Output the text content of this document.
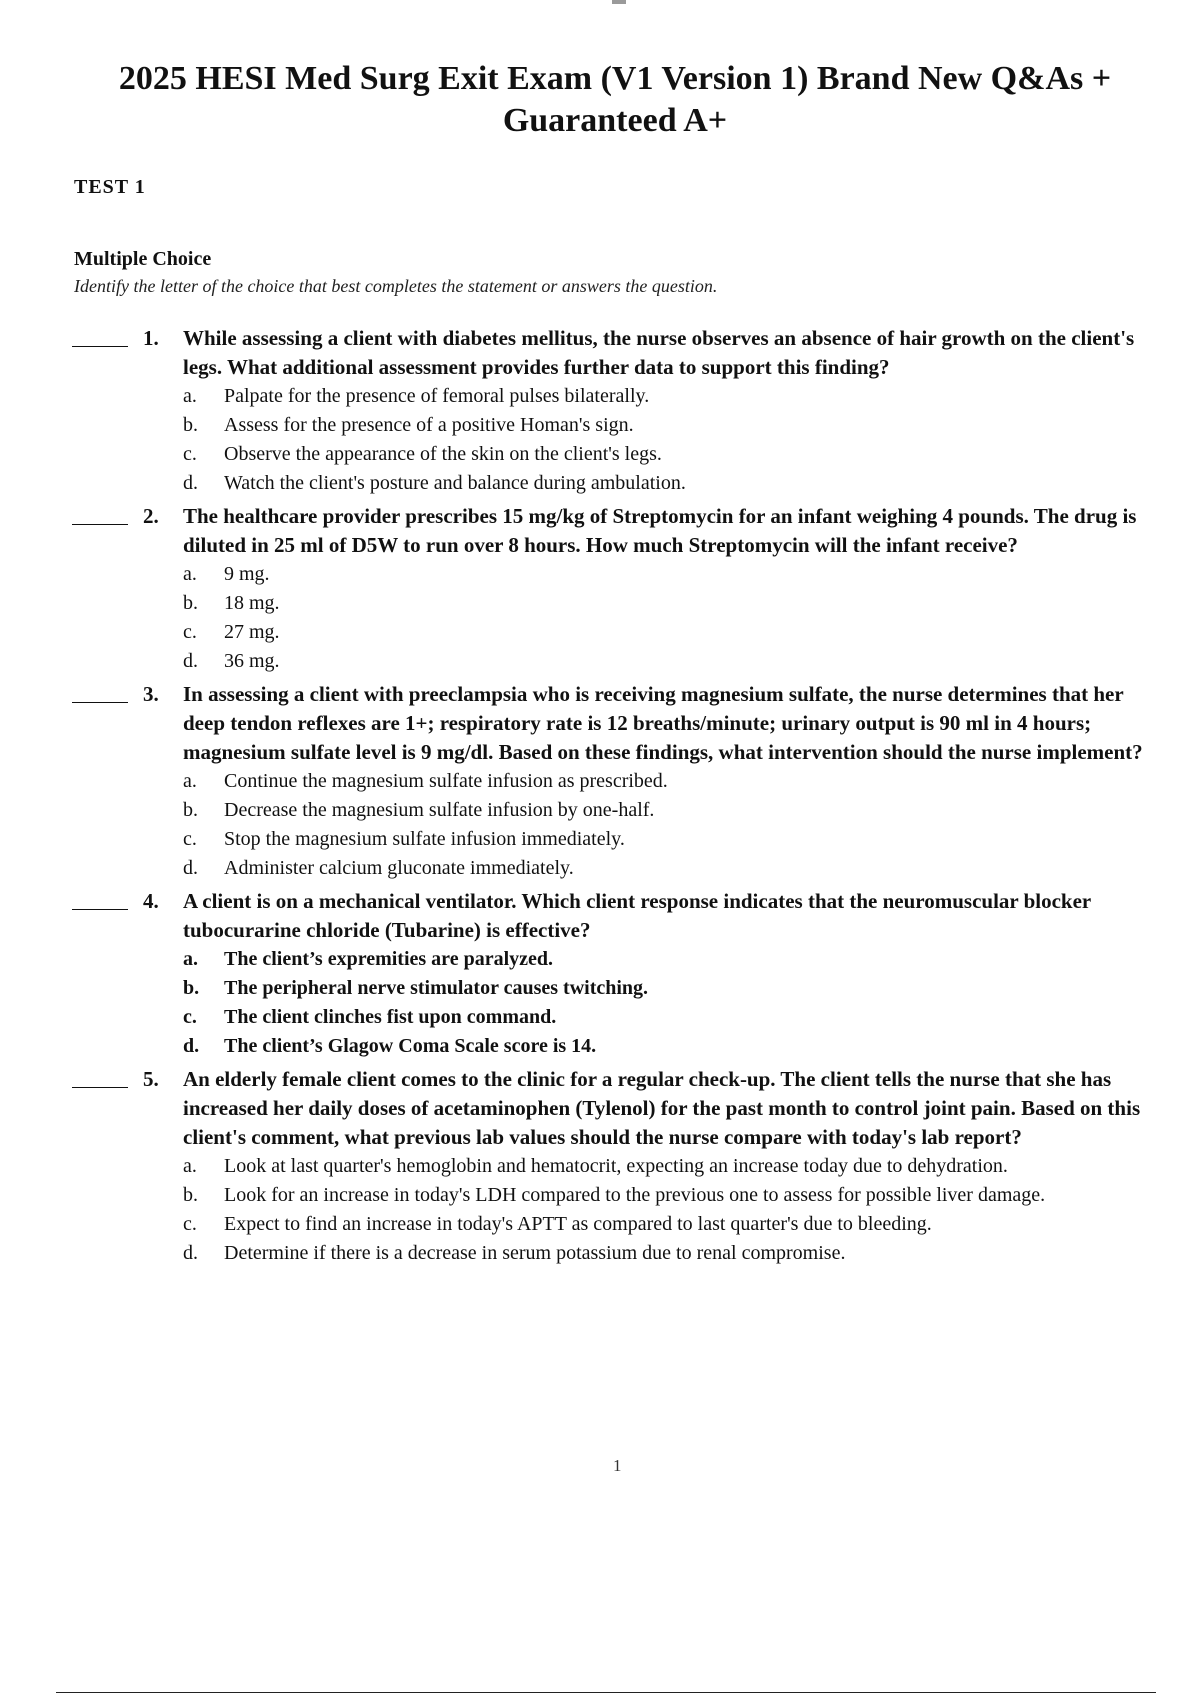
2025 HESI Med Surg Exit Exam (V1 Version 1) Brand New Q&As + Guaranteed A+
TEST 1
Multiple Choice
Identify the letter of the choice that best completes the statement or answers the question.
1. While assessing a client with diabetes mellitus, the nurse observes an absence of hair growth on the client's legs. What additional assessment provides further data to support this finding?
a. Palpate for the presence of femoral pulses bilaterally.
b. Assess for the presence of a positive Homan's sign.
c. Observe the appearance of the skin on the client's legs.
d. Watch the client's posture and balance during ambulation.
2. The healthcare provider prescribes 15 mg/kg of Streptomycin for an infant weighing 4 pounds. The drug is diluted in 25 ml of D5W to run over 8 hours. How much Streptomycin will the infant receive?
a. 9 mg.
b. 18 mg.
c. 27 mg.
d. 36 mg.
3. In assessing a client with preeclampsia who is receiving magnesium sulfate, the nurse determines that her deep tendon reflexes are 1+; respiratory rate is 12 breaths/minute; urinary output is 90 ml in 4 hours; magnesium sulfate level is 9 mg/dl. Based on these findings, what intervention should the nurse implement?
a. Continue the magnesium sulfate infusion as prescribed.
b. Decrease the magnesium sulfate infusion by one-half.
c. Stop the magnesium sulfate infusion immediately.
d. Administer calcium gluconate immediately.
4. A client is on a mechanical ventilator. Which client response indicates that the neuromuscular blocker tubocurarine chloride (Tubarine) is effective?
a. The client’s expremities are paralyzed.
b. The peripheral nerve stimulator causes twitching.
c. The client clinches fist upon command.
d. The client’s Glagow Coma Scale score is 14.
5. An elderly female client comes to the clinic for a regular check-up. The client tells the nurse that she has increased her daily doses of acetaminophen (Tylenol) for the past month to control joint pain. Based on this client's comment, what previous lab values should the nurse compare with today's lab report?
a. Look at last quarter's hemoglobin and hematocrit, expecting an increase today due to dehydration.
b. Look for an increase in today's LDH compared to the previous one to assess for possible liver damage.
c. Expect to find an increase in today's APTT as compared to last quarter's due to bleeding.
d. Determine if there is a decrease in serum potassium due to renal compromise.
1
